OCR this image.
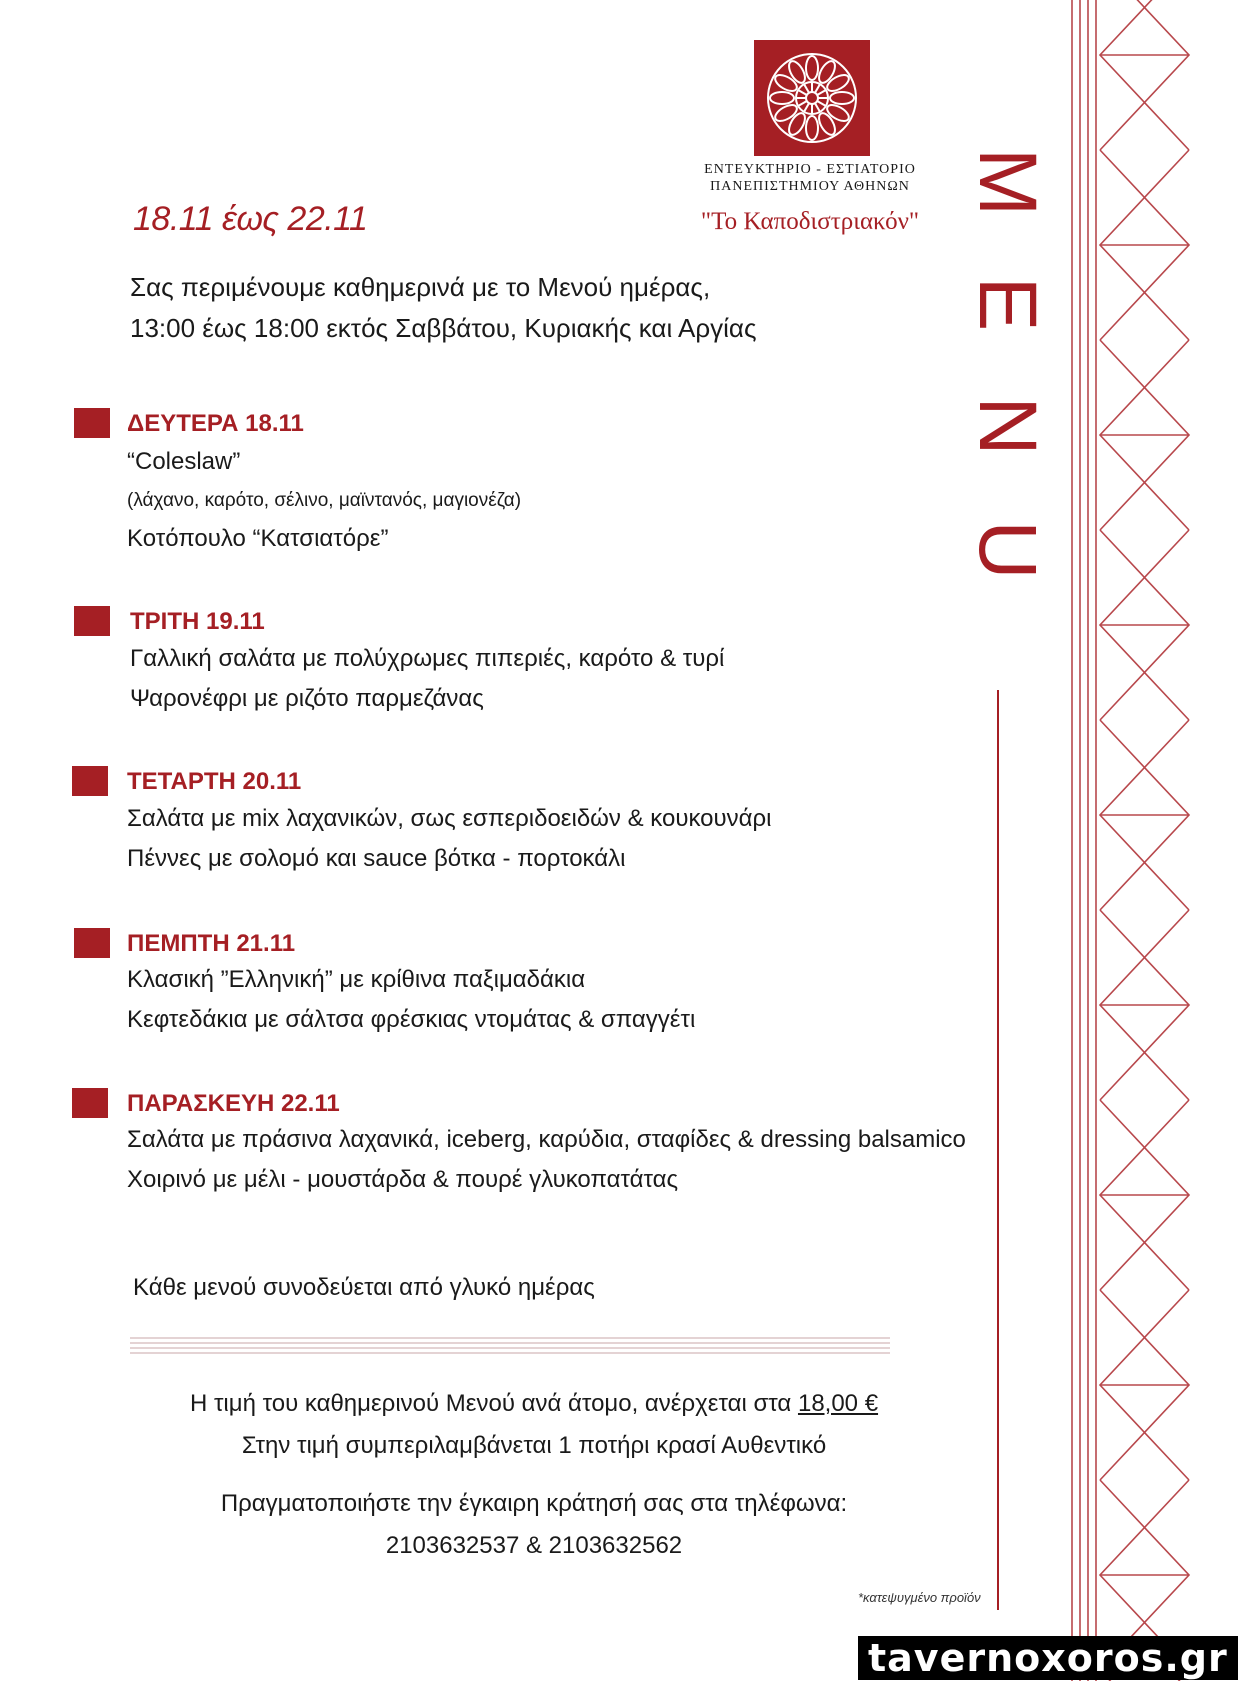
ΕΝΤΕΥΚΤΗΡΙΟ - ΕΣΤΙΑΤΟΡΙΟ
ΠΑΝΕΠΙΣΤΗΜΙΟΥ ΑΘΗΝΩΝ
"Το Καποδιστριακόν"
M
E
N
U
18.11 έως 22.11
Σας περιμένουμε καθημερινά με το Μενού ημέρας,
13:00 έως 18:00 εκτός Σαββάτου, Κυριακής και Αργίας
ΔΕΥΤΕΡΑ 18.11
“Coleslaw”
(λάχανο, καρότο, σέλινο, μαϊντανός, μαγιονέζα)
Κοτόπουλο “Κατσιατόρε”
ΤΡΙΤΗ 19.11
Γαλλική σαλάτα με πολύχρωμες πιπεριές, καρότο & τυρί
Ψαρονέφρι με ριζότο παρμεζάνας
ΤΕΤΑΡΤΗ 20.11
Σαλάτα με mix λαχανικών, σως εσπεριδοειδών & κουκουνάρι
Πέννες με σολομό και sauce βότκα - πορτοκάλι
ΠΕΜΠΤΗ 21.11
Κλασική ”Ελληνική” με κρίθινα παξιμαδάκια
Κεφτεδάκια με σάλτσα φρέσκιας ντομάτας & σπαγγέτι
ΠΑΡΑΣΚΕΥΗ 22.11
Σαλάτα με πράσινα λαχανικά, iceberg, καρύδια, σταφίδες & dressing balsamico
Χοιρινό με μέλι - μουστάρδα & πουρέ γλυκοπατάτας
Κάθε μενού συνοδεύεται από γλυκό ημέρας
Η τιμή του καθημερινού Μενού ανά άτομο, ανέρχεται στα 18,00 €
Στην τιμή συμπεριλαμβάνεται 1 ποτήρι κρασί Αυθεντικό
Πραγματοποιήστε την έγκαιρη κράτησή σας στα τηλέφωνα:
2103632537 & 2103632562
*κατεψυγμένο προϊόν
tavernoxoros.gr
